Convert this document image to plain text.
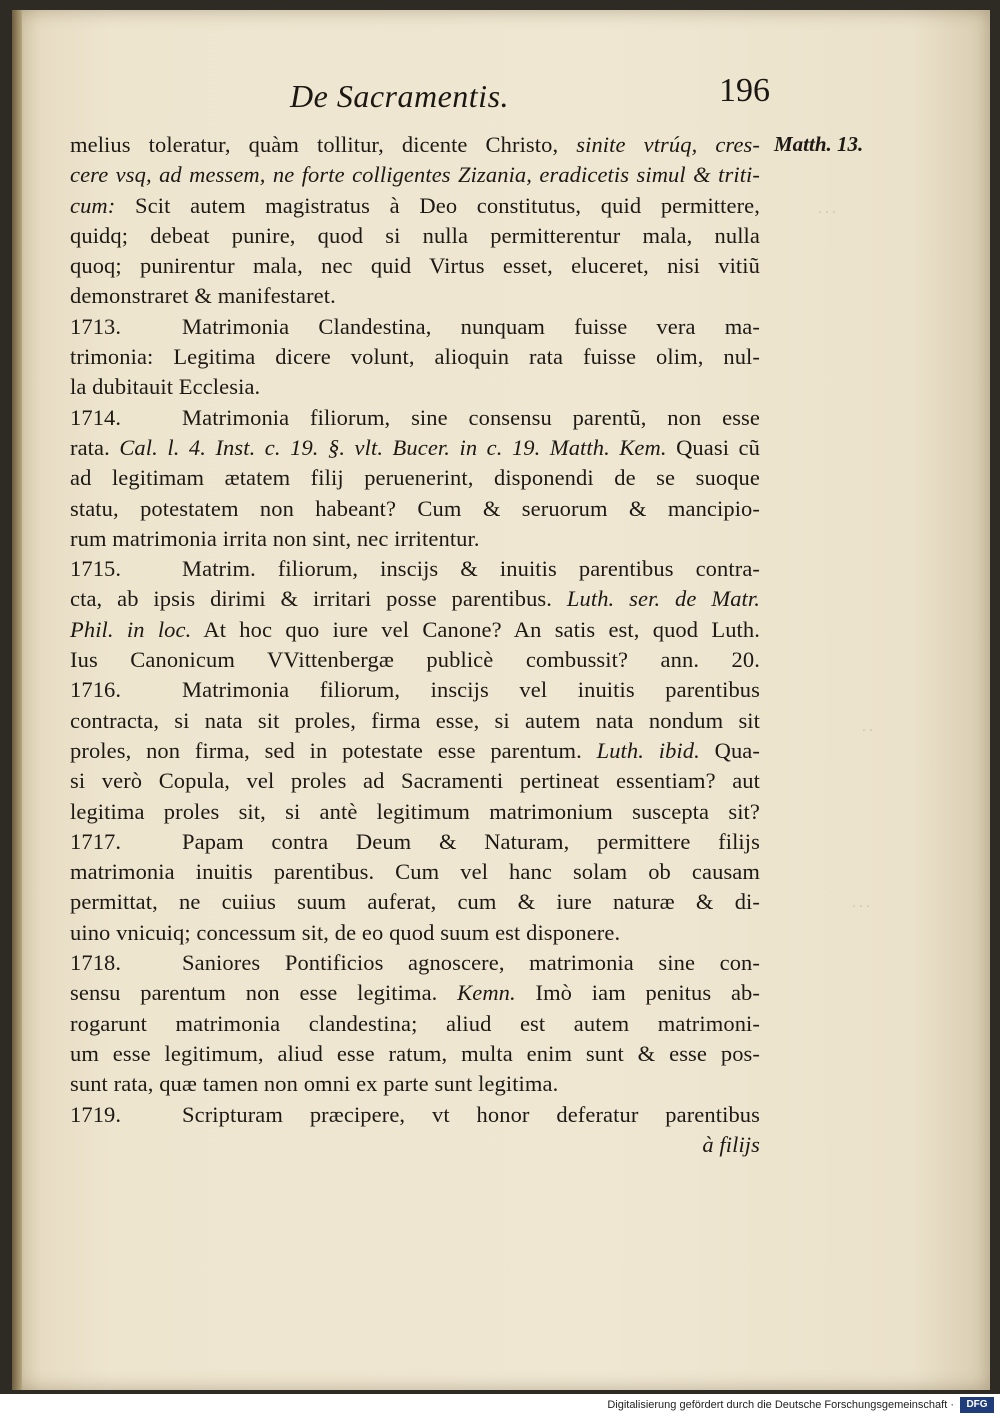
· · ·
· ·
· · ·
De Sacramentis.	196
Matth. 13.
melius toleratur, quàm tollitur, dicente Christo, sinite vtrúq, cres-
cere vsq, ad messem, ne forte colligentes Zizania, eradicetis simul & triti-
cum: Scit autem magistratus à Deo constitutus, quid permittere,
quidq; debeat punire, quod si nulla permitterentur mala, nulla
quoq; punirentur mala, nec quid Virtus esset, eluceret, nisi vitiũ
demonstraret & manifestaret.
1713.	Matrimonia Clandestina, nunquam fuisse vera ma-
trimonia: Legitima dicere volunt, alioquin rata fuisse olim, nul-
la dubitauit Ecclesia.
1714.	Matrimonia filiorum, sine consensu parentũ, non esse
rata. Cal. l. 4. Inst. c. 19. §. vlt. Bucer. in c. 19. Matth. Kem. Quasi cũ
ad legitimam ætatem filij peruenerint, disponendi de se suoque
statu, potestatem non habeant? Cum & seruorum & mancipio-
rum matrimonia irrita non sint, nec irritentur.
1715.	Matrim. filiorum, inscijs & inuitis parentibus contra-
cta, ab ipsis dirimi & irritari posse parentibus. Luth. ser. de Matr.
Phil. in loc. At hoc quo iure vel Canone? An satis est, quod Luth.
Ius Canonicum VVittenbergæ publicè combussit? ann. 20.
1716.	Matrimonia filiorum, inscijs vel inuitis parentibus
contracta, si nata sit proles, firma esse, si autem nata nondum sit
proles, non firma, sed in potestate esse parentum. Luth. ibid. Qua-
si verò Copula, vel proles ad Sacramenti pertineat essentiam? aut
legitima proles sit, si antè legitimum matrimonium suscepta sit?
1717.	Papam contra Deum & Naturam, permittere filijs
matrimonia inuitis parentibus. Cum vel hanc solam ob causam
permittat, ne cuiius suum auferat, cum & iure naturæ & di-
uino vnicuiq; concessum sit, de eo quod suum est disponere.
1718.	Saniores Pontificios agnoscere, matrimonia sine con-
sensu parentum non esse legitima. Kemn. Imò iam penitus ab-
rogarunt matrimonia clandestina; aliud est autem matrimoni-
um esse legitimum, aliud esse ratum, multa enim sunt & esse pos-
sunt rata, quæ tamen non omni ex parte sunt legitima.
1719.	Scripturam præcipere, vt honor deferatur parentibus
à filijs
Digitalisierung gefördert durch die Deutsche Forschungsgemeinschaft ·	DFG
